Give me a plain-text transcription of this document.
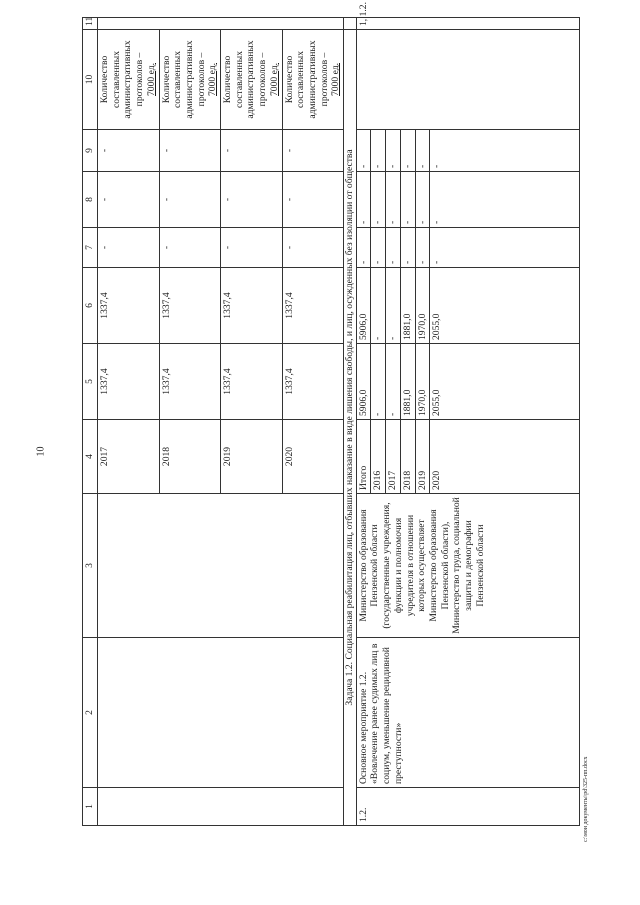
10
c:\мои документы\pd\325-пп.docx
1	2	3	4	5	6	7	8	9	10	11
			2017	1337,4	1337,4	-	-	-	Количество составленных административных протоколов – 7000 ед.	

			2018	1337,4	1337,4	-	-	-	Количество составленных административных протоколов – 7000 ед.	

			2019	1337,4	1337,4	-	-	-	Количество составленных административных протоколов – 7000 ед.	

			2020	1337,4	1337,4	-	-	-	Количество составленных административных протоколов – 7000 ед.	

Задача 1.2. Социальная реабилитация лиц, отбывших наказание в виде лишения свободы, и лиц, осужденных без изоляции от общества										
1.2.	Основное мероприятие 1.2. «Вовлечение ранее судимых лиц в социум, уменьшение рецидивной преступности»	Министерство образования Пензенской области (государственные учреждения, функции и полномочия учредителя в отношении которых осуществляет Министерство образования Пензенской области), Министерство труда, социальной защиты и демографии Пензенской области	Итого	5906,0	5906,0	-	-	-		1, 1.2.
			2016	-	-	-	-	-		
			2017	-	-	-	-	-		
			2018	1881,0	1881,0	-	-	-		
			2019	1970,0	1970,0	-	-	-		
			2020	2055,0	2055,0	-	-	-		
